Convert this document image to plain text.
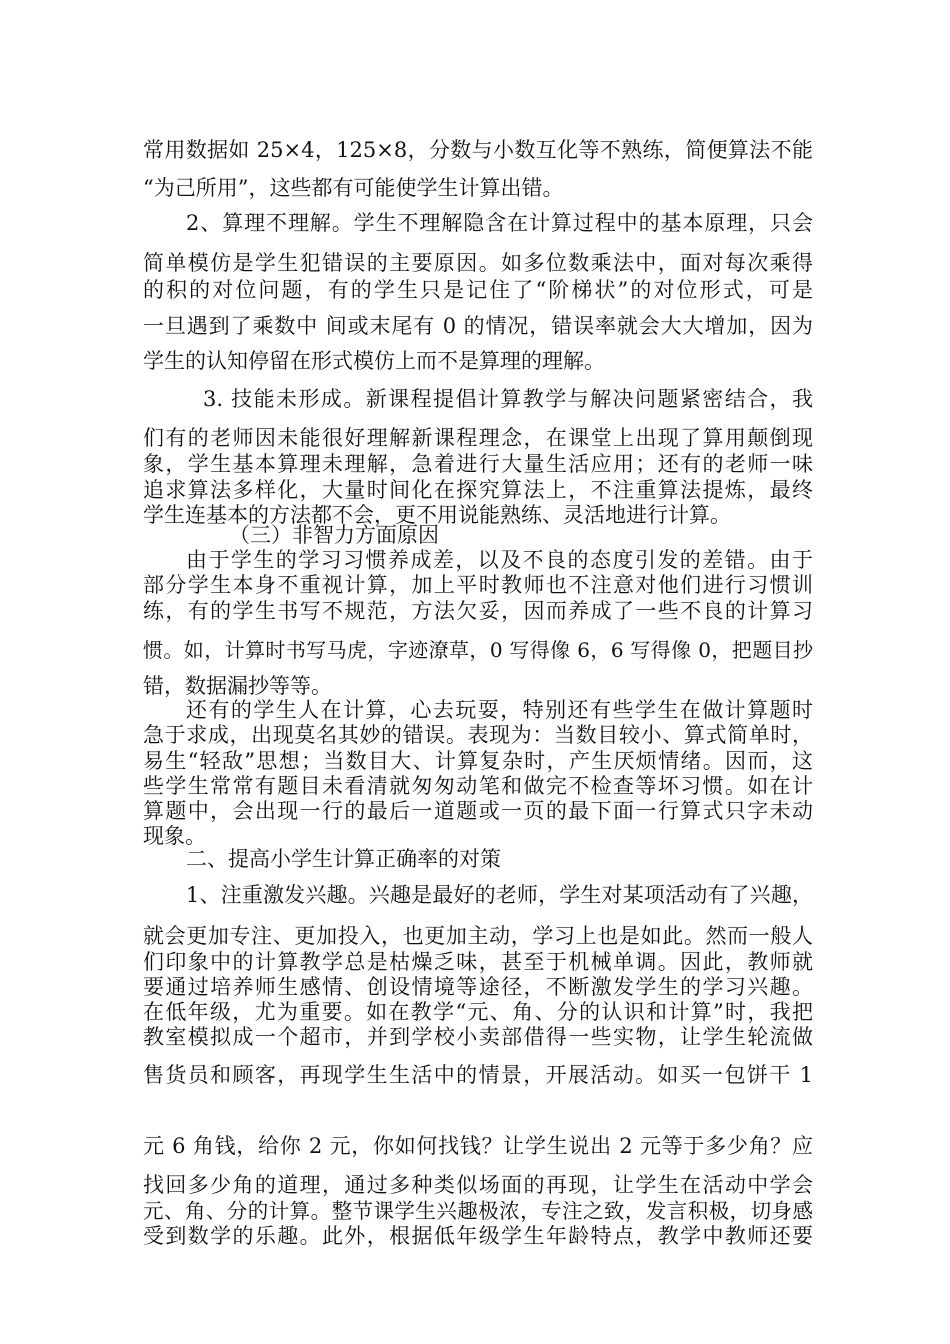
常用数据如 25×4，125×8，分数与小数互化等不熟练，简便算法不能
“为己所用”，这些都有可能使学生计算出错。
2、算理不理解。学生不理解隐含在计算过程中的基本原理，只会
简单模仿是学生犯错误的主要原因。如多位数乘法中，面对每次乘得
的积的对位问题，有的学生只是记住了“阶梯状”的对位形式，可是
一旦遇到了乘数中 间或末尾有 0 的情况，错误率就会大大增加，因为
学生的认知停留在形式模仿上而不是算理的理解。
3. 技能未形成。新课程提倡计算教学与解决问题紧密结合，我
们有的老师因未能很好理解新课程理念，在课堂上出现了算用颠倒现
象，学生基本算理未理解，急着进行大量生活应用；还有的老师一味
追求算法多样化，大量时间化在探究算法上，不注重算法提炼，最终
学生连基本的方法都不会，更不用说能熟练、灵活地进行计算。
（三）非智力方面原因
由于学生的学习习惯养成差，以及不良的态度引发的差错。由于
部分学生本身不重视计算，加上平时教师也不注意对他们进行习惯训
练，有的学生书写不规范，方法欠妥，因而养成了一些不良的计算习
惯。如，计算时书写马虎，字迹潦草，0 写得像 6，6 写得像 0，把题目抄
错，数据漏抄等等。
还有的学生人在计算，心去玩耍，特别还有些学生在做计算题时
急于求成，出现莫名其妙的错误。表现为：当数目较小、算式简单时，
易生“轻敌”思想；当数目大、计算复杂时，产生厌烦情绪。因而，这
些学生常常有题目未看清就匆匆动笔和做完不检查等坏习惯。如在计
算题中，会出现一行的最后一道题或一页的最下面一行算式只字未动
现象。
二、提高小学生计算正确率的对策
1、注重激发兴趣。兴趣是最好的老师，学生对某项活动有了兴趣，
就会更加专注、更加投入，也更加主动，学习上也是如此。然而一般人
们印象中的计算教学总是枯燥乏味，甚至于机械单调。因此，教师就
要通过培养师生感情、创设情境等途径，不断激发学生的学习兴趣。
在低年级，尤为重要。如在教学“元、角、分的认识和计算”时，我把
教室模拟成一个超市，并到学校小卖部借得一些实物，让学生轮流做
售货员和顾客，再现学生生活中的情景，开展活动。如买一包饼干 1
元 6 角钱，给你 2 元，你如何找钱？让学生说出 2 元等于多少角？应
找回多少角的道理，通过多种类似场面的再现，让学生在活动中学会
元、角、分的计算。整节课学生兴趣极浓，专注之致，发言积极，切身感
受到数学的乐趣。此外，根据低年级学生年龄特点，教学中教师还要
